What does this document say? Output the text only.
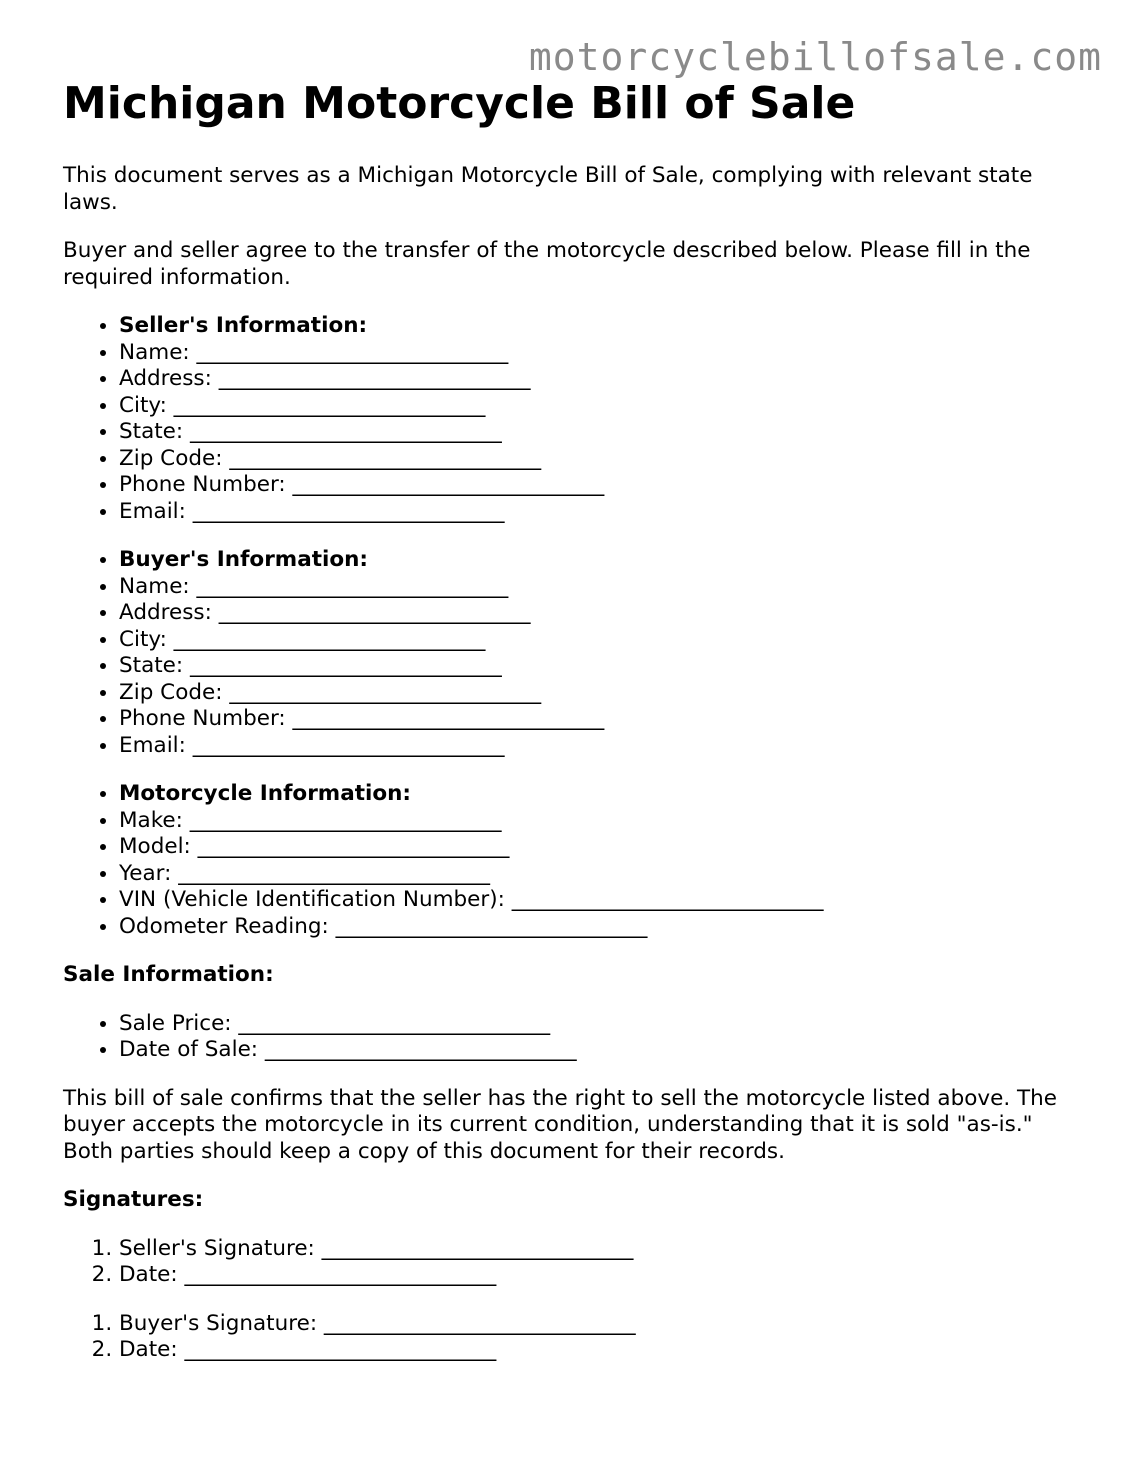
motorcyclebillofsale.com
Michigan Motorcycle Bill of Sale

This document serves as a Michigan Motorcycle Bill of Sale, complying with relevant state laws.

Buyer and seller agree to the transfer of the motorcycle described below. Please fill in the required information.

• Seller's Information:
• Name: _____________________________
• Address: _____________________________
• City: _____________________________
• State: _____________________________
• Zip Code: _____________________________
• Phone Number: _____________________________
• Email: _____________________________
• Buyer's Information:
• Name: _____________________________
• Address: _____________________________
• City: _____________________________
• State: _____________________________
• Zip Code: _____________________________
• Phone Number: _____________________________
• Email: _____________________________
• Motorcycle Information:
• Make: _____________________________
• Model: _____________________________
• Year: _____________________________
• VIN (Vehicle Identification Number): _____________________________
• Odometer Reading: _____________________________
Sale Information:
• Sale Price: _____________________________
• Date of Sale: _____________________________

This bill of sale confirms that the seller has the right to sell the motorcycle listed above. The buyer accepts the motorcycle in its current condition, understanding that it is sold "as-is." Both parties should keep a copy of this document for their records.

Signatures:
1. Seller's Signature: _____________________________
2. Date: _____________________________
1. Buyer's Signature: _____________________________
2. Date: _____________________________
